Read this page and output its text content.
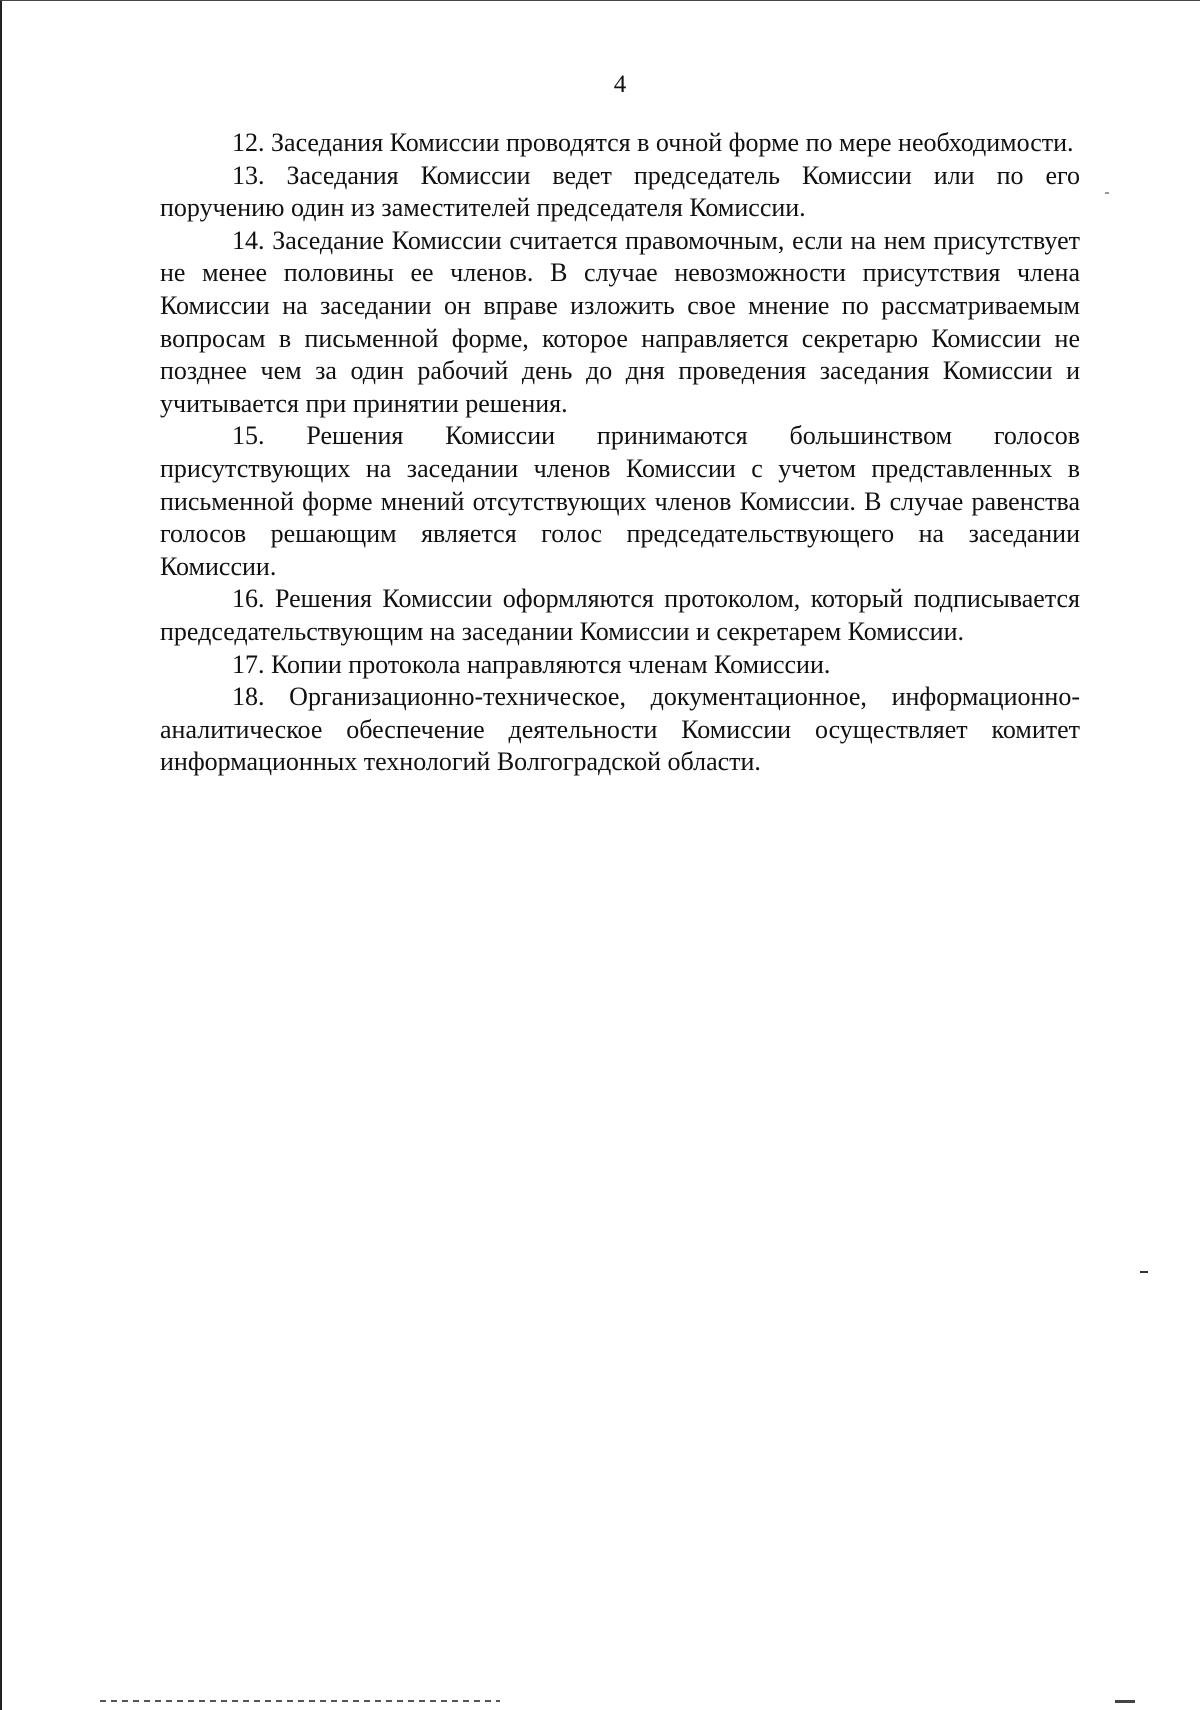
4

12. Заседания Комиссии проводятся в очной форме по мере необходимости.

13. Заседания Комиссии ведет председатель Комиссии или по его поручению один из заместителей председателя Комиссии.

14. Заседание Комиссии считается правомочным, если на нем присутствует не менее половины ее членов. В случае невозможности присутствия члена Комиссии на заседании он вправе изложить свое мнение по рассматриваемым вопросам в письменной форме, которое направляется секретарю Комиссии не позднее чем за один рабочий день до дня проведения заседания Комиссии и учитывается при принятии решения.

15. Решения Комиссии принимаются большинством голосов присутствующих на заседании членов Комиссии с учетом представленных в письменной форме мнений отсутствующих членов Комиссии. В случае равенства голосов решающим является голос председательствующего на заседании Комиссии.

16. Решения Комиссии оформляются протоколом, который подписывается председательствующим на заседании Комиссии и секретарем Комиссии.

17. Копии протокола направляются членам Комиссии.

18. Организационно-техническое, документационное, информационно-аналитическое обеспечение деятельности Комиссии осуществляет комитет информационных технологий Волгоградской области.
